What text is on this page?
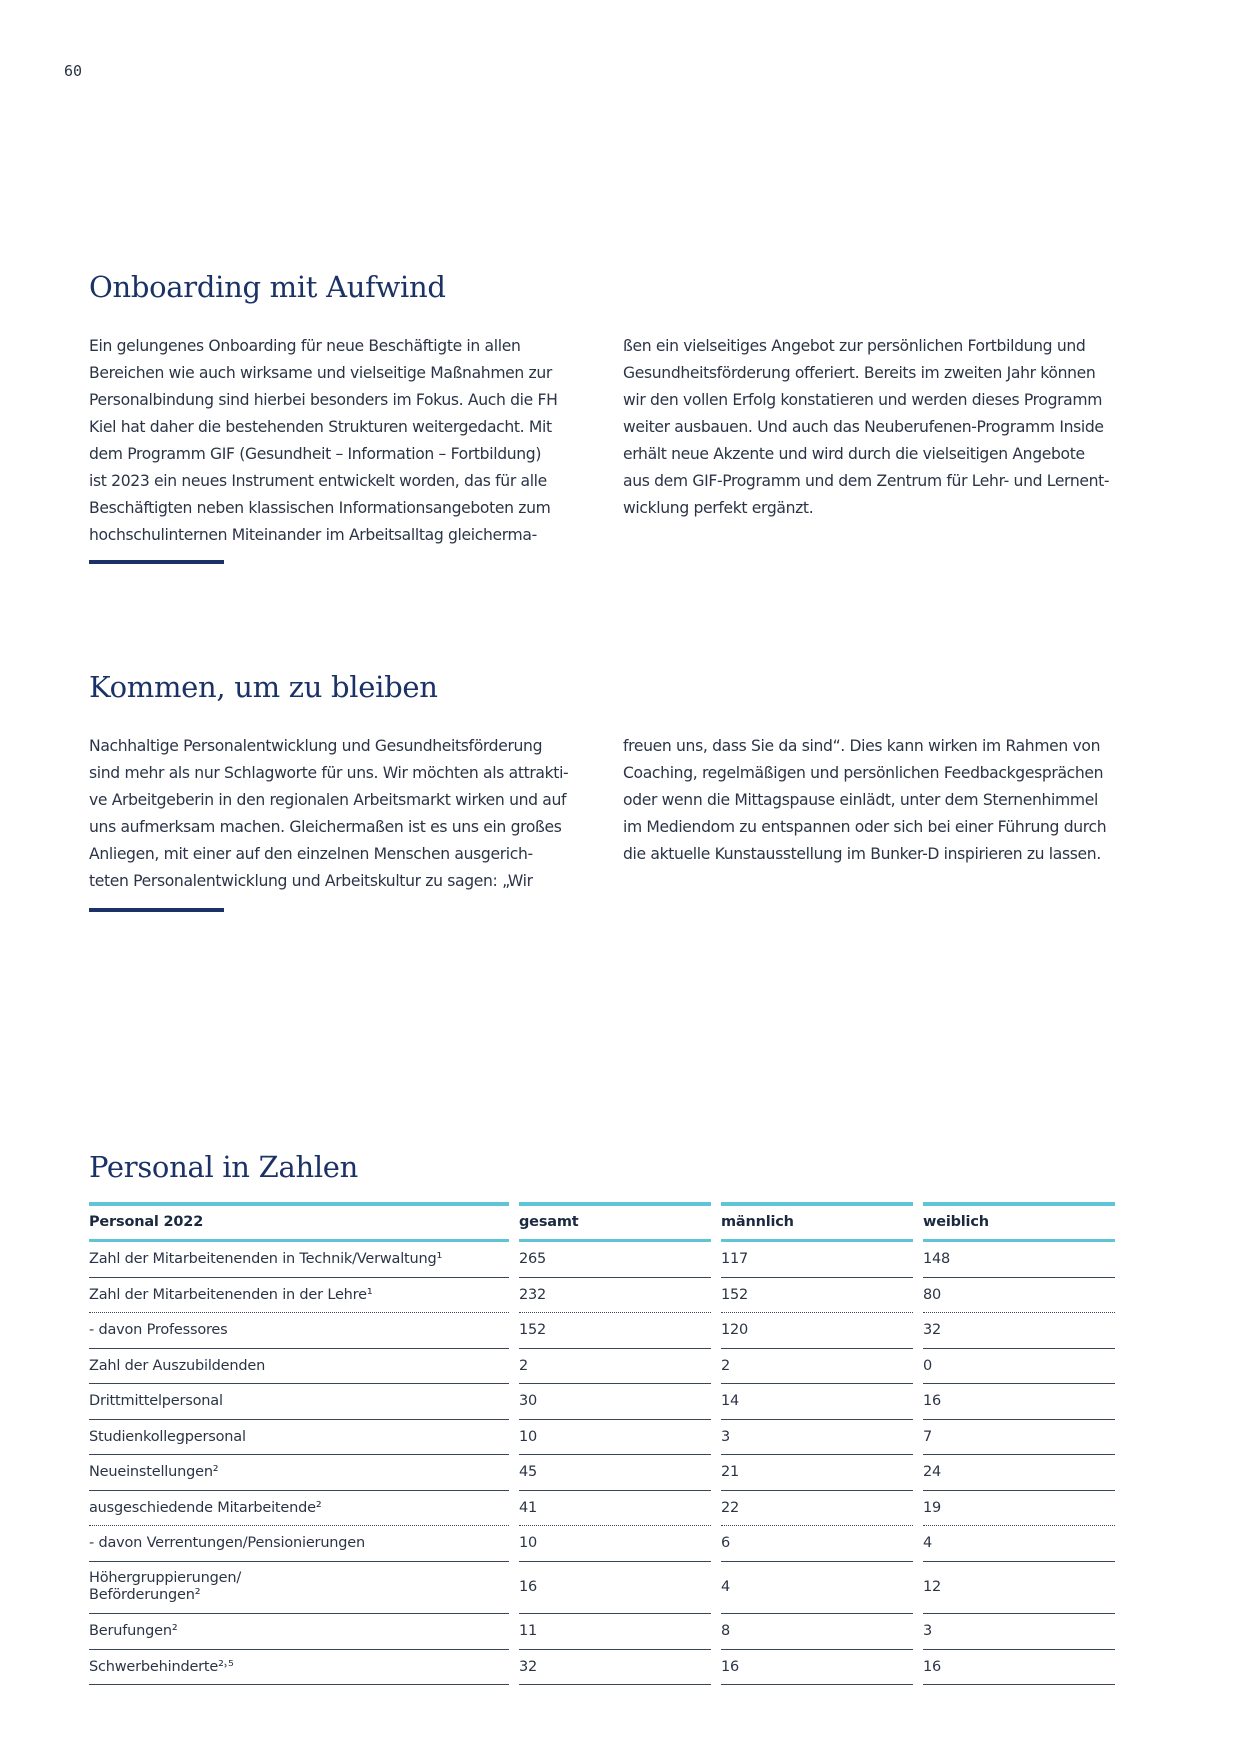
60
Onboarding mit Aufwind
Ein gelungenes Onboarding für neue Beschäftigte in allen
Bereichen wie auch wirksame und vielseitige Maßnahmen zur
Personalbindung sind hierbei besonders im Fokus. Auch die FH
Kiel hat daher die bestehenden Strukturen weitergedacht. Mit
dem Programm GIF (Gesundheit – Information – Fortbildung)
ist 2023 ein neues Instrument entwickelt worden, das für alle
Beschäftigten neben klassischen Informationsangeboten zum
hochschulinternen Miteinander im Arbeitsalltag gleicherma-
ßen ein vielseitiges Angebot zur persönlichen Fortbildung und
Gesundheitsförderung offeriert. Bereits im zweiten Jahr können
wir den vollen Erfolg konstatieren und werden dieses Programm
weiter ausbauen. Und auch das Neuberufenen-Programm Inside
erhält neue Akzente und wird durch die vielseitigen Angebote
aus dem GIF-Programm und dem Zentrum für Lehr- und Lernent-
wicklung perfekt ergänzt.
Kommen, um zu bleiben
Nachhaltige Personalentwicklung und Gesundheitsförderung
sind mehr als nur Schlagworte für uns. Wir möchten als attrakti-
ve Arbeitgeberin in den regionalen Arbeitsmarkt wirken und auf
uns aufmerksam machen. Gleichermaßen ist es uns ein großes
Anliegen, mit einer auf den einzelnen Menschen ausgerich-
teten Personalentwicklung und Arbeitskultur zu sagen: „Wir
freuen uns, dass Sie da sind“. Dies kann wirken im Rahmen von
Coaching, regelmäßigen und persönlichen Feedbackgesprächen
oder wenn die Mittagspause einlädt, unter dem Sternenhimmel
im Mediendom zu entspannen oder sich bei einer Führung durch
die aktuelle Kunstausstellung im Bunker-D inspirieren zu lassen.
Personal in Zahlen
Personal 2022	gesamt	männlich	weiblich

Zahl der Mitarbeitenenden in Technik/Verwaltung¹	265	117	148

Zahl der Mitarbeitenenden in der Lehre¹	232	152	80

- davon Professores	152	120	32

Zahl der Auszubildenden	2	2	0

Drittmittelpersonal	30	14	16

Studienkollegpersonal	10	3	7

Neueinstellungen²	45	21	24

ausgeschiedende Mitarbeitende²	41	22	19

- davon Verrentungen/Pensionierungen	10	6	4

Höhergruppierungen/
Beförderungen²	16	4	12

Berufungen²	11	8	3

Schwerbehinderte²˒⁵	32	16	16
